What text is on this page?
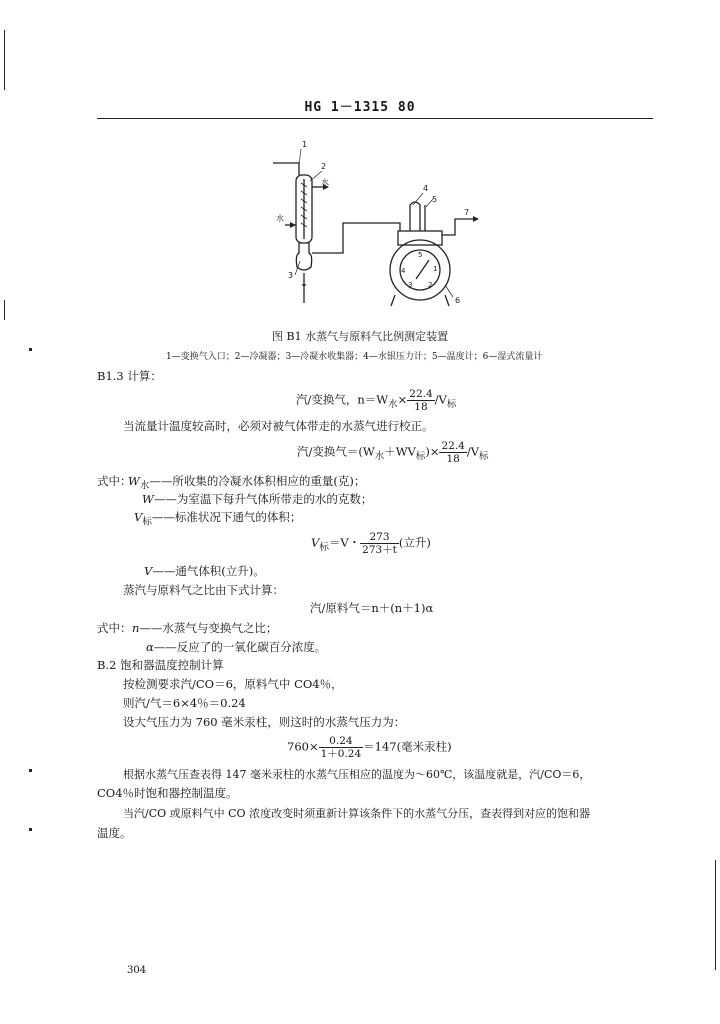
HG 1－1315 80
1
2
水
水
3
4
5
7
6
5
4	1
3 2
图 B1 水蒸气与原料气比例测定装置
1—变换气入口；2—冷凝器；3—冷凝水收集器；4—水银压力计；5—温度计；6—湿式流量计
B1.3 计算：
汽/变换气，$n=W_水\times \frac{22.4}{18} /V_标$
当流量计温度较高时，必须对被气体带走的水蒸气进行校正。
汽/变换气$=(W_水+WV_标)\times \frac{22.4}{18} /V_标$
式中：
$W_水——$所收集的冷凝水体积相应的重量(克)；
W——为室温下每升气体所带走的水的克数；
$V_标——$标准状况下通气的体积；
$V_标=V$・ $\frac{273}{273+t}$ (立升)
V——通气体积(立升)。
蒸汽与原料气之比由下式计算：
汽/原料气＝n＋(n＋1)α
式中： n——水蒸气与变换气之比；
α——反应了的一氧化碳百分浓度。
B.2 饱和器温度控制计算
按检测要求汽/CO＝6，原料气中 CO4％，
则汽/气＝6×4％＝0.24
设大气压力为 760 毫米汞柱，则这时的水蒸气压力为：
$760\times \frac{0.24}{1+0.24} =147$(毫米汞柱)
根据水蒸气压查表得 147 毫米汞柱的水蒸气压相应的温度为～60℃，该温度就是，汽/CO＝6，
CO4％时饱和器控制温度。
当汽/CO 或原料气中 CO 浓度改变时须重新计算该条件下的水蒸气分压，查表得到对应的饱和器
温度。
304
